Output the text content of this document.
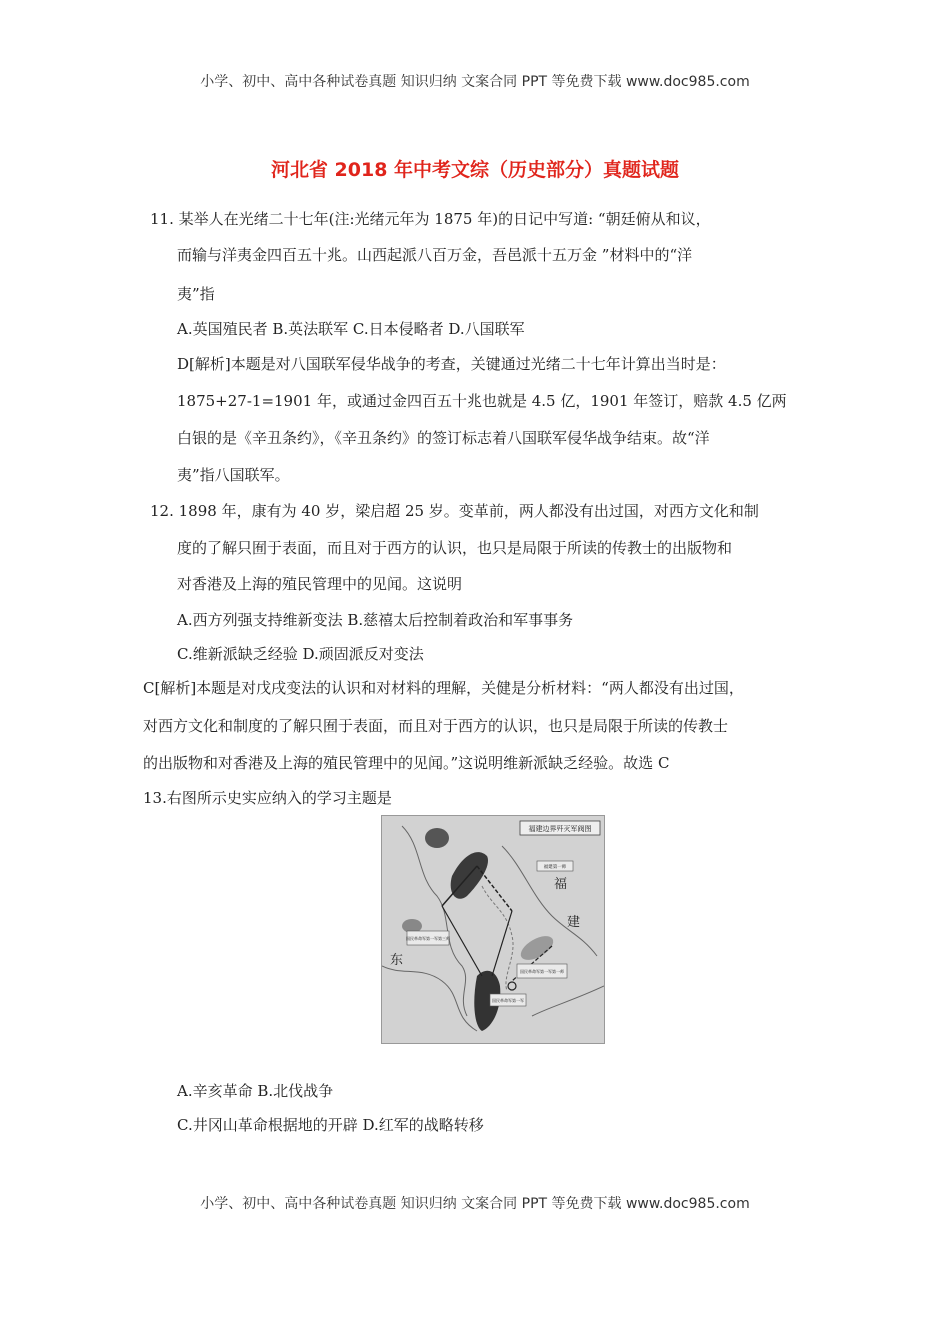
小学、初中、高中各种试卷真题 知识归纳 文案合同 PPT 等免费下载 www.doc985.com
河北省 2018 年中考文综（历史部分）真题试题
11. 某举人在光绪二十七年(注:光绪元年为 1875 年)的日记中写道: “朝廷俯从和议，
而输与洋夷金四百五十兆。山西起派八百万金，吾邑派十五万金 ”材料中的“洋
夷”指
A.英国殖民者 B.英法联军 C.日本侵略者 D.八国联军
D[解析]本题是对八国联军侵华战争的考查，关键通过光绪二十七年计算出当时是：
1875+27-1=1901 年，或通过金四百五十兆也就是 4.5 亿，1901 年签订，赔款 4.5 亿两
白银的是《辛丑条约》，《辛丑条约》的签订标志着八国联军侵华战争结束。故“洋
夷”指八国联军。
12. 1898 年，康有为 40 岁，梁启超 25 岁。变革前，两人都没有出过国，对西方文化和制
度的了解只囿于表面，而且对于西方的认识，也只是局限于所读的传教士的出版物和
对香港及上海的殖民管理中的见闻。这说明
A.西方列强支持维新变法 B.慈禧太后控制着政治和军事事务
C.维新派缺乏经验 D.顽固派反对变法
C[解析]本题是对戊戌变法的认识和对材料的理解，关健是分析材料：“两人都没有出过国，
对西方文化和制度的了解只囿于表面，而且对于西方的认识，也只是局限于所读的传教士
的出版物和对香港及上海的殖民管理中的见闻。”这说明维新派缺乏经验。故选 C
13.右图所示史实应纳入的学习主题是
福建边界歼灭军阀图
福
建
东
国民革命军第一军第三师
国民革命军第一军第一师
国民革命军第一军
福建第一师
A.辛亥革命 B.北伐战争
C.井冈山革命根据地的开辟 D.红军的战略转移
小学、初中、高中各种试卷真题 知识归纳 文案合同 PPT 等免费下载 www.doc985.com
